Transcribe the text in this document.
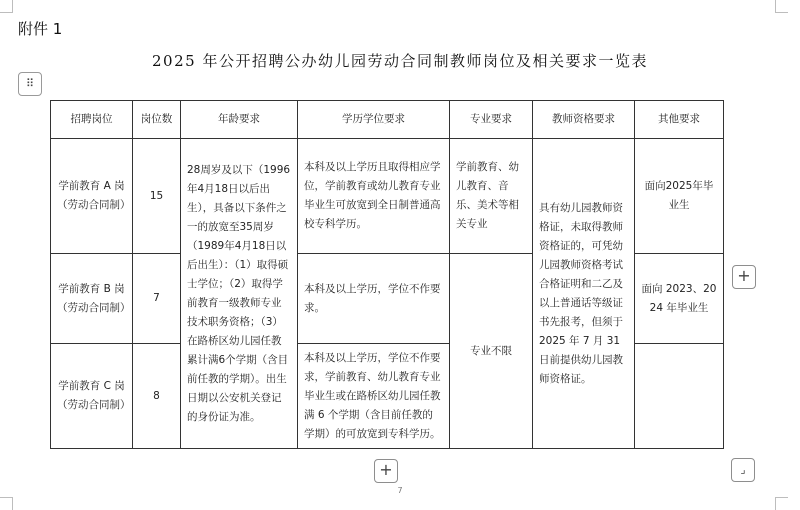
附件 1
2025 年公开招聘公办幼儿园劳动合同制教师岗位及相关要求一览表
⠿
招聘岗位	岗位数	年龄要求	学历学位要求	专业要求	教师资格要求	其他要求
学前教育 A 岗（劳动合同制）	15	28周岁及以下（1996年4月18日以后出生），具备以下条件之一的放宽至35周岁（1989年4月18日以后出生）：（1）取得硕士学位；（2）取得学前教育一级教师专业技术职务资格；（3）在路桥区幼儿园任教累计满6个学期（含目前任教的学期）。出生日期以公安机关登记的身份证为准。	本科及以上学历且取得相应学位，学前教育或幼儿教育专业毕业生可放宽到全日制普通高校专科学历。	学前教育、幼儿教育、音乐、美术等相关专业	具有幼儿园教师资格证，未取得教师资格证的，可凭幼儿园教师资格考试合格证明和二乙及以上普通话等级证书先报考，但须于 2025 年 7 月 31 日前提供幼儿园教师资格证。	面向2025年毕业生
学前教育 B 岗（劳动合同制）	7		本科及以上学历，学位不作要求。	专业不限		面向 2023、2024 年毕业生
学前教育 C 岗（劳动合同制）	8		本科及以上学历，学位不作要求，学前教育、幼儿教育专业毕业生或在路桥区幼儿园任教满 6 个学期（含目前任教的学期）的可放宽到专科学历。			
+
+	⌟
7
